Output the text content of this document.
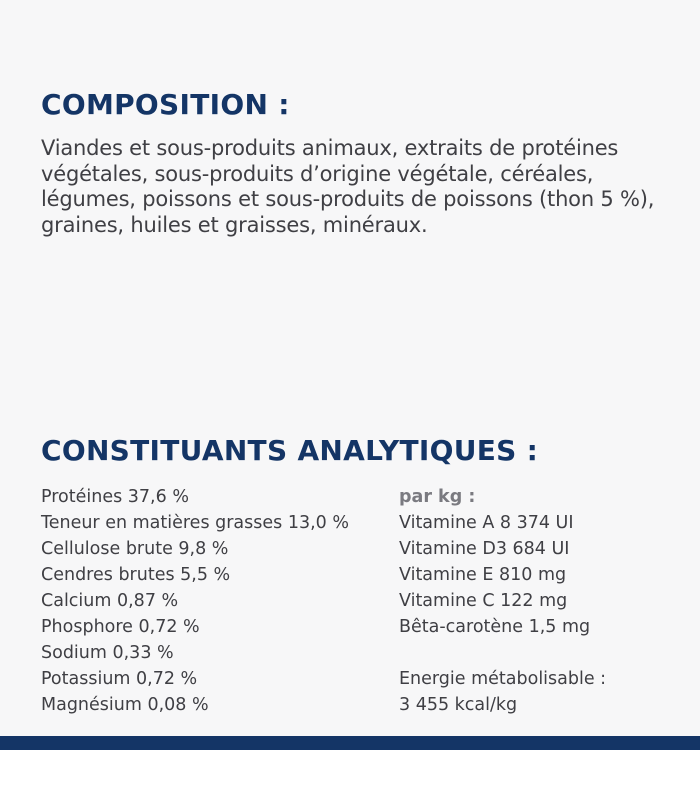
COMPOSITION :

Viandes et sous-produits animaux, extraits de protéines végétales, sous-produits d’origine végétale, céréales, légumes, poissons et sous-produits de poissons (thon 5 %), graines, huiles et graisses, minéraux.

CONSTITUANTS ANALYTIQUES :
Protéines 37,6 %
Teneur en matières grasses 13,0 %
Cellulose brute 9,8 %
Cendres brutes 5,5 %
Calcium 0,87 %
Phosphore 0,72 %
Sodium 0,33 %
Potassium 0,72 %
Magnésium 0,08 %
par kg :
Vitamine A 8 374 UI
Vitamine D3 684 UI
Vitamine E 810 mg
Vitamine C 122 mg
Bêta-carotène 1,5 mg
Energie métabolisable :
3 455 kcal/kg
